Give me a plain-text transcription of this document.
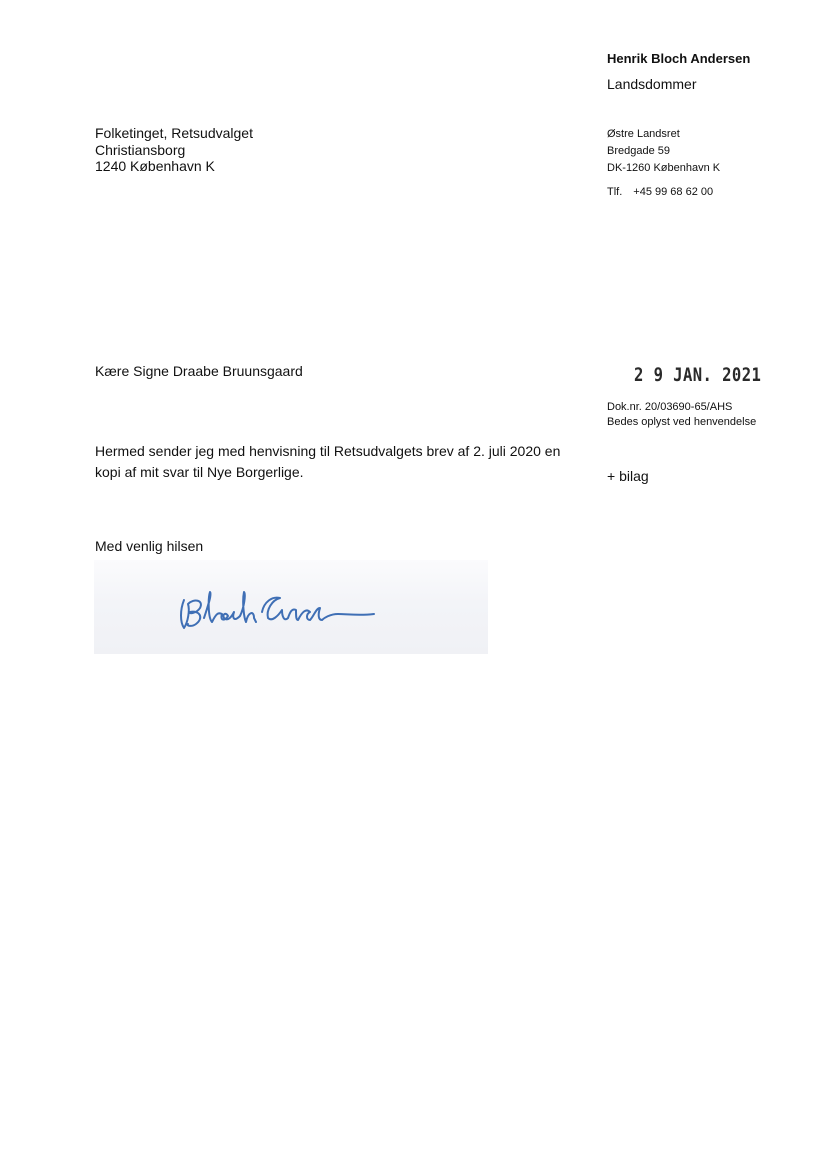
Henrik Bloch Andersen
Landsdommer
Folketinget, Retsudvalget
Christiansborg
1240 København K
Østre Landsret
Bredgade 59
DK-1260 København K
Tlf. +45 99 68 62 00
Kære Signe Draabe Bruunsgaard	2 9 JAN. 2021
Dok.nr. 20/03690-65/AHS
Bedes oplyst ved henvendelse
Hermed sender jeg med henvisning til Retsudvalgets brev af 2. juli 2020 en kopi af mit svar til Nye Borgerlige.	+ bilag
Med venlig hilsen
